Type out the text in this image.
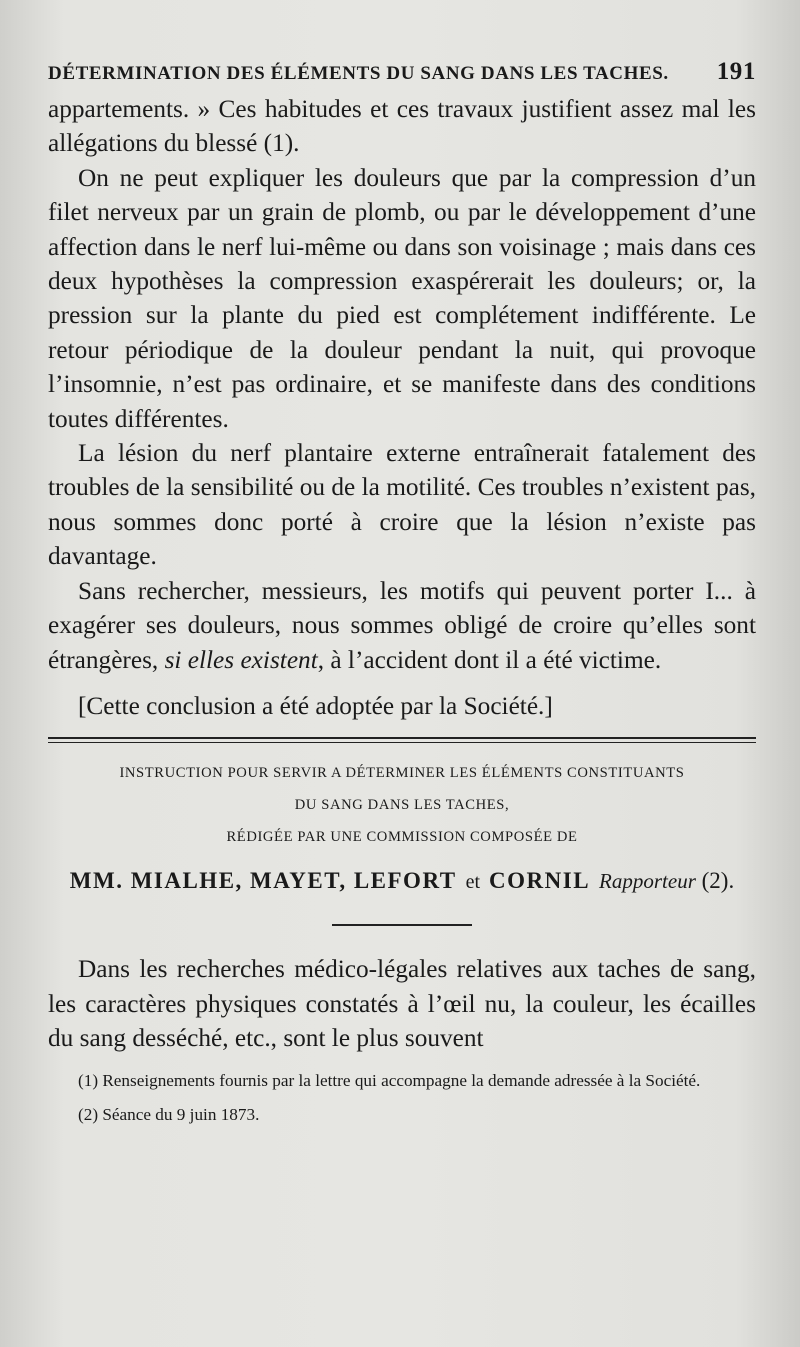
DÉTERMINATION DES ÉLÉMENTS DU SANG DANS LES TACHES. 191

appartements. » Ces habitudes et ces travaux justifient assez mal les allégations du blessé (1).

On ne peut expliquer les douleurs que par la compression d’un filet nerveux par un grain de plomb, ou par le développement d’une affection dans le nerf lui-même ou dans son voisinage ; mais dans ces deux hypothèses la compression exaspérerait les douleurs; or, la pression sur la plante du pied est complétement indifférente. Le retour périodique de la douleur pendant la nuit, qui provoque l’insomnie, n’est pas ordinaire, et se manifeste dans des conditions toutes différentes.

La lésion du nerf plantaire externe entraînerait fatalement des troubles de la sensibilité ou de la motilité. Ces troubles n’existent pas, nous sommes donc porté à croire que la lésion n’existe pas davantage.

Sans rechercher, messieurs, les motifs qui peuvent porter I... à exagérer ses douleurs, nous sommes obligé de croire qu’elles sont étrangères, si elles existent, à l’accident dont il a été victime.

[Cette conclusion a été adoptée par la Société.]

INSTRUCTION POUR SERVIR A DÉTERMINER LES ÉLÉMENTS CONSTITUANTS
DU SANG DANS LES TACHES,
RÉDIGÉE PAR UNE COMMISSION COMPOSÉE DE
MM. MIALHE, MAYET, LEFORT et CORNIL Rapporteur (2).

Dans les recherches médico-légales relatives aux taches de sang, les caractères physiques constatés à l’œil nu, la couleur, les écailles du sang desséché, etc., sont le plus souvent

(1) Renseignements fournis par la lettre qui accompagne la demande adressée à la Société.

(2) Séance du 9 juin 1873.
